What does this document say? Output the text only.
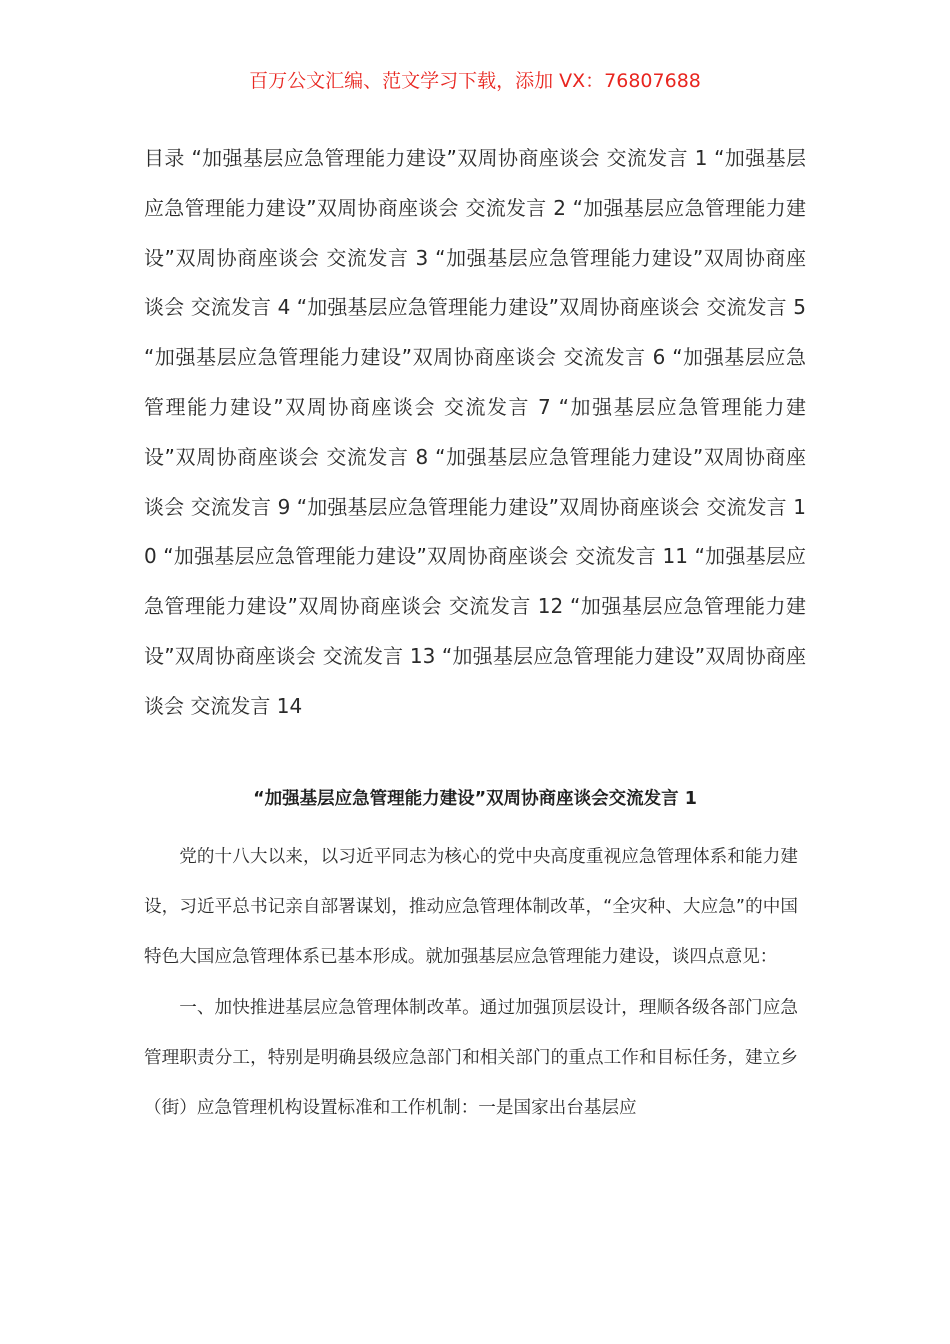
百万公文汇编、范文学习下载，添加 VX：76807688
目录 “加强基层应急管理能力建设”双周协商座谈会 交流发言 1 “加强基层应急管理能力建设”双周协商座谈会 交流发言 2 “加强基层应急管理能力建设”双周协商座谈会 交流发言 3 “加强基层应急管理能力建设”双周协商座谈会 交流发言 4 “加强基层应急管理能力建设”双周协商座谈会 交流发言 5 “加强基层应急管理能力建设”双周协商座谈会 交流发言 6 “加强基层应急管理能力建设”双周协商座谈会 交流发言 7 “加强基层应急管理能力建设”双周协商座谈会 交流发言 8 “加强基层应急管理能力建设”双周协商座谈会 交流发言 9 “加强基层应急管理能力建设”双周协商座谈会 交流发言 10 “加强基层应急管理能力建设”双周协商座谈会 交流发言 11 “加强基层应急管理能力建设”双周协商座谈会 交流发言 12 “加强基层应急管理能力建设”双周协商座谈会 交流发言 13 “加强基层应急管理能力建设”双周协商座谈会 交流发言 14
“加强基层应急管理能力建设”双周协商座谈会交流发言 1

党的十八大以来，以习近平同志为核心的党中央高度重视应急管理体系和能力建设，习近平总书记亲自部署谋划，推动应急管理体制改革，“全灾种、大应急”的中国特色大国应急管理体系已基本形成。就加强基层应急管理能力建设，谈四点意见：

一、加快推进基层应急管理体制改革。通过加强顶层设计，理顺各级各部门应急管理职责分工，特别是明确县级应急部门和相关部门的重点工作和目标任务，建立乡（街）应急管理机构设置标准和工作机制：一是国家出台基层应
